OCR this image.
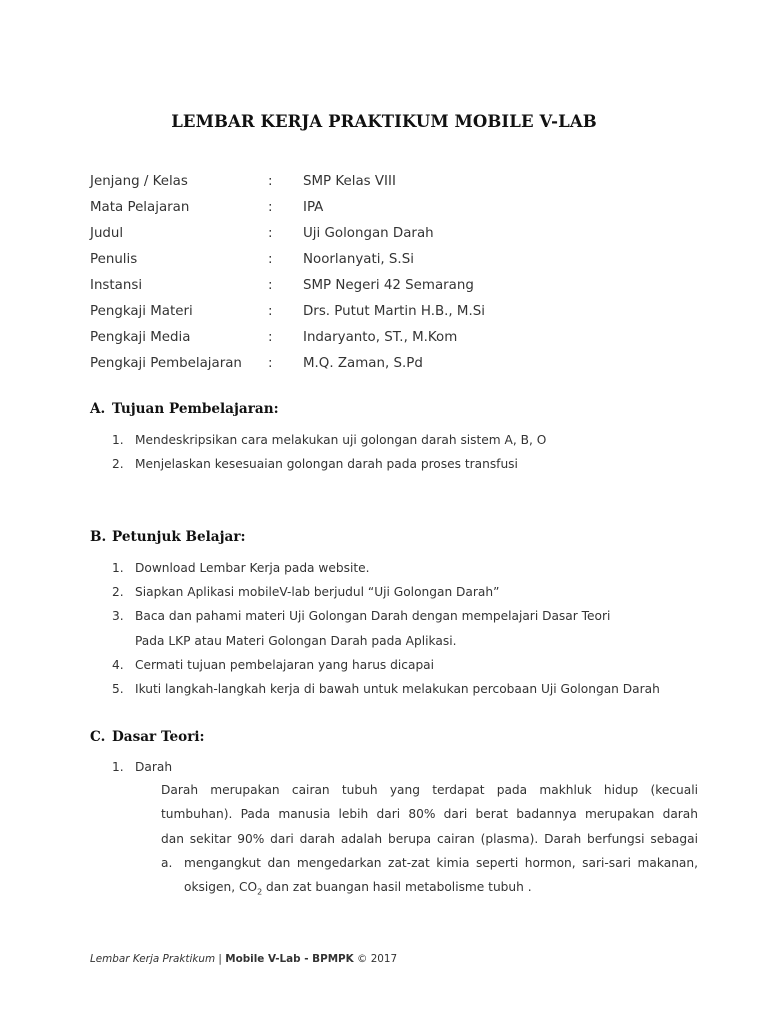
LEMBAR KERJA PRAKTIKUM MOBILE V-LAB
Jenjang / Kelas	:	SMP Kelas VIII
Mata Pelajaran	:	IPA
Judul	:	Uji Golongan Darah
Penulis	:	Noorlanyati, S.Si
Instansi	:	SMP Negeri 42 Semarang
Pengkaji Materi	:	Drs. Putut Martin H.B., M.Si
Pengkaji Media	:	Indaryanto, ST., M.Kom
Pengkaji Pembelajaran	:	M.Q. Zaman, S.Pd
A. Tujuan Pembelajaran:
1. Mendeskripsikan cara melakukan uji golongan darah sistem A, B, O
2. Menjelaskan kesesuaian golongan darah pada proses transfusi
B. Petunjuk Belajar:
1. Download Lembar Kerja pada website.
2. Siapkan Aplikasi mobileV-lab berjudul “Uji Golongan Darah”
3. Baca dan pahami materi Uji Golongan Darah dengan mempelajari Dasar Teori
Pada LKP atau Materi Golongan Darah pada Aplikasi.
4. Cermati tujuan pembelajaran yang harus dicapai
5. Ikuti langkah-langkah kerja di bawah untuk melakukan percobaan Uji Golongan Darah
C. Dasar Teori:
1. Darah
Darah merupakan cairan tubuh yang terdapat pada makhluk hidup (kecuali
tumbuhan). Pada manusia lebih dari 80% dari berat badannya merupakan darah
dan sekitar 90% dari darah adalah berupa cairan (plasma). Darah berfungsi sebagai
a. mengangkut dan mengedarkan zat-zat kimia seperti hormon, sari-sari makanan,
oksigen, $CO_2$ dan zat buangan hasil metabolisme tubuh .
Lembar Kerja Praktikum | Mobile V-Lab - BPMPK © 2017
